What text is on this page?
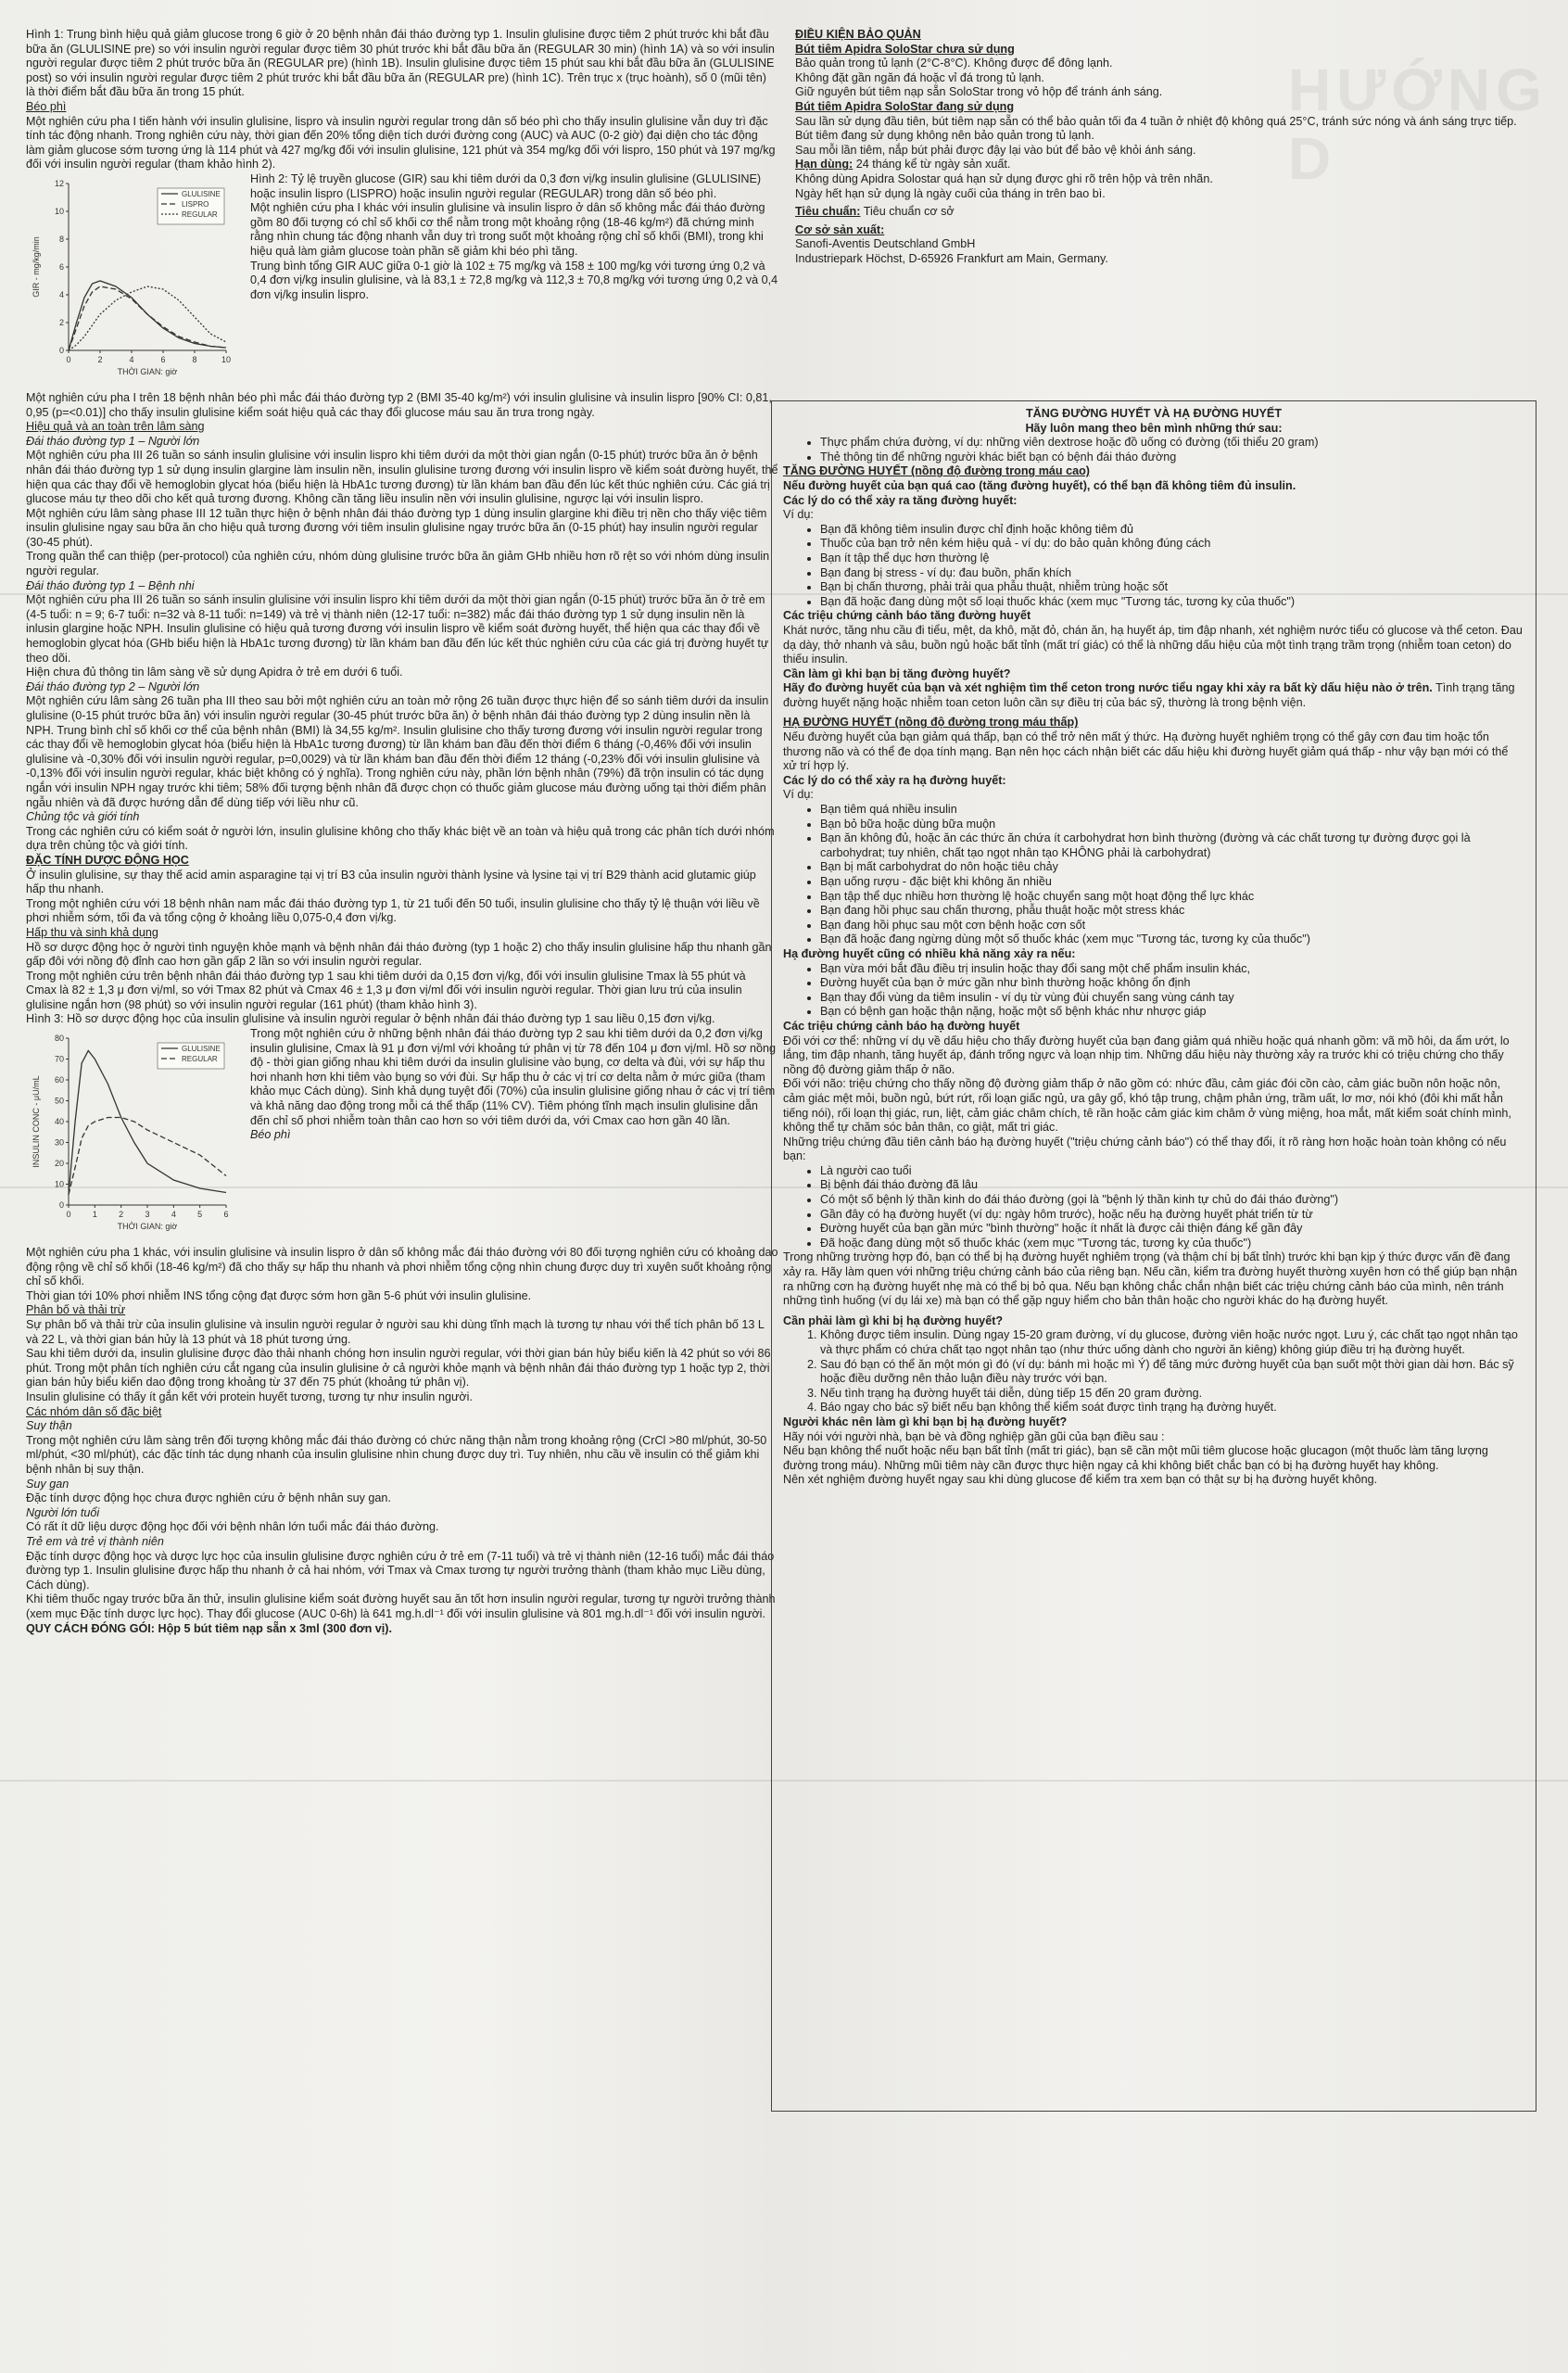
HƯỚNG D

Hình 1: Trung bình hiệu quả giảm glucose trong 6 giờ ở 20 bệnh nhân đái tháo đường typ 1. Insulin glulisine được tiêm 2 phút trước khi bắt đầu bữa ăn (GLULISINE pre) so với insulin người regular được tiêm 30 phút trước khi bắt đầu bữa ăn (REGULAR 30 min) (hình 1A) và so với insulin người regular được tiêm 2 phút trước bữa ăn (REGULAR pre) (hình 1B). Insulin glulisine được tiêm 15 phút sau khi bắt đầu bữa ăn (GLULISINE post) so với insulin người regular được tiêm 2 phút trước khi bắt đầu bữa ăn (REGULAR pre) (hình 1C). Trên trục x (trục hoành), số 0 (mũi tên) là thời điểm bắt đầu bữa ăn trong 15 phút.

Béo phì

Một nghiên cứu pha I tiến hành với insulin glulisine, lispro và insulin người regular trong dân số béo phì cho thấy insulin glulisine vẫn duy trì đặc tính tác động nhanh. Trong nghiên cứu này, thời gian đến 20% tổng diện tích dưới đường cong (AUC) và AUC (0-2 giờ) đại diện cho tác động làm giảm glucose sớm tương ứng là 114 phút và 427 mg/kg đối với insulin glulisine, 121 phút và 354 mg/kg đối với lispro, 150 phút và 197 mg/kg đối với insulin người regular (tham khảo hình 2).

0
2
4
6
8
10
12
0	2	4	6	8	10
THỜI GIAN: giờ
GIR - mg/kg/min
GLULISINE
LISPRO
REGULAR

Hình 2: Tỷ lệ truyền glucose (GIR) sau khi tiêm dưới da 0,3 đơn vị/kg insulin glulisine (GLULISINE) hoặc insulin lispro (LISPRO) hoặc insulin người regular (REGULAR) trong dân số béo phì.

Một nghiên cứu pha I khác với insulin glulisine và insulin lispro ở dân số không mắc đái tháo đường gồm 80 đối tượng có chỉ số khối cơ thể nằm trong một khoảng rộng (18-46 kg/m²) đã chứng minh rằng nhìn chung tác động nhanh vẫn duy trì trong suốt một khoảng rộng chỉ số khối (BMI), trong khi hiệu quả làm giảm glucose toàn phần sẽ giảm khi béo phì tăng.

Trung bình tổng GIR AUC giữa 0-1 giờ là 102 ± 75 mg/kg và 158 ± 100 mg/kg với tương ứng 0,2 và 0,4 đơn vị/kg insulin glulisine, và là 83,1 ± 72,8 mg/kg và 112,3 ± 70,8 mg/kg với tương ứng 0,2 và 0,4 đơn vị/kg insulin lispro.

Một nghiên cứu pha I trên 18 bệnh nhân béo phì mắc đái tháo đường typ 2 (BMI 35-40 kg/m²) với insulin glulisine và insulin lispro [90% CI: 0,81, 0,95 (p=<0.01)] cho thấy insulin glulisine kiểm soát hiệu quả các thay đổi glucose máu sau ăn trưa trong ngày.

Hiệu quả và an toàn trên lâm sàng

Đái tháo đường typ 1 – Người lớn

Một nghiên cứu pha III 26 tuần so sánh insulin glulisine với insulin lispro khi tiêm dưới da một thời gian ngắn (0-15 phút) trước bữa ăn ở bệnh nhân đái tháo đường typ 1 sử dụng insulin glargine làm insulin nền, insulin glulisine tương đương với insulin lispro về kiểm soát đường huyết, thể hiện qua các thay đổi về hemoglobin glycat hóa (biểu hiện là HbA1c tương đương) từ lần khám ban đầu đến lúc kết thúc nghiên cứu. Các giá trị glucose máu tự theo dõi cho kết quả tương đương. Không cần tăng liều insulin nền với insulin glulisine, ngược lại với insulin lispro.

Một nghiên cứu lâm sàng phase III 12 tuần thực hiện ở bệnh nhân đái tháo đường typ 1 dùng insulin glargine khi điều trị nền cho thấy việc tiêm insulin glulisine ngay sau bữa ăn cho hiệu quả tương đương với tiêm insulin glulisine ngay trước bữa ăn (0-15 phút) hay insulin người regular (30-45 phút).

Trong quần thể can thiệp (per-protocol) của nghiên cứu, nhóm dùng glulisine trước bữa ăn giảm GHb nhiều hơn rõ rệt so với nhóm dùng insulin người regular.

Đái tháo đường typ 1 – Bệnh nhi

Một nghiên cứu pha III 26 tuần so sánh insulin glulisine với insulin lispro khi tiêm dưới da một thời gian ngắn (0-15 phút) trước bữa ăn ở trẻ em (4-5 tuổi: n = 9; 6-7 tuổi: n=32 và 8-11 tuổi: n=149) và trẻ vị thành niên (12-17 tuổi: n=382) mắc đái tháo đường typ 1 sử dụng insulin nền là inlusin glargine hoặc NPH. Insulin glulisine có hiệu quả tương đương với insulin lispro về kiểm soát đường huyết, thể hiện qua các thay đổi về hemoglobin glycat hóa (GHb biểu hiện là HbA1c tương đương) từ lần khám ban đầu đến lúc kết thúc nghiên cứu của các giá trị đường huyết tự theo dõi.

Hiện chưa đủ thông tin lâm sàng về sử dụng Apidra ở trẻ em dưới 6 tuổi.

Đái tháo đường typ 2 – Người lớn

Một nghiên cứu lâm sàng 26 tuần pha III theo sau bởi một nghiên cứu an toàn mở rộng 26 tuần được thực hiện để so sánh tiêm dưới da insulin glulisine (0-15 phút trước bữa ăn) với insulin người regular (30-45 phút trước bữa ăn) ở bệnh nhân đái tháo đường typ 2 dùng insulin nền là NPH. Trung bình chỉ số khối cơ thể của bệnh nhân (BMI) là 34,55 kg/m². Insulin glulisine cho thấy tương đương với insulin người regular trong các thay đổi về hemoglobin glycat hóa (biểu hiện là HbA1c tương đương) từ lần khám ban đầu đến thời điểm 6 tháng (-0,46% đối với insulin glulisine và -0,30% đối với insulin người regular, p=0,0029) và từ lần khám ban đầu đến thời điểm 12 tháng (-0,23% đối với insulin glulisine và -0,13% đối với insulin người regular, khác biệt không có ý nghĩa). Trong nghiên cứu này, phần lớn bệnh nhân (79%) đã trộn insulin có tác dụng ngắn với insulin NPH ngay trước khi tiêm; 58% đối tượng bệnh nhân đã được chọn có thuốc giảm glucose máu đường uống tại thời điểm phân ngẫu nhiên và đã được hướng dẫn để dùng tiếp với liều như cũ.

Chủng tộc và giới tính

Trong các nghiên cứu có kiểm soát ở người lớn, insulin glulisine không cho thấy khác biệt về an toàn và hiệu quả trong các phân tích dưới nhóm dựa trên chủng tộc và giới tính.

ĐẶC TÍNH DƯỢC ĐỘNG HỌC

Ở insulin glulisine, sự thay thế acid amin asparagine tại vị trí B3 của insulin người thành lysine và lysine tại vị trí B29 thành acid glutamic giúp hấp thu nhanh.

Trong một nghiên cứu với 18 bệnh nhân nam mắc đái tháo đường typ 1, từ 21 tuổi đến 50 tuổi, insulin glulisine cho thấy tỷ lệ thuận với liều về phơi nhiễm sớm, tối đa và tổng cộng ở khoảng liều 0,075-0,4 đơn vị/kg.

Hấp thu và sinh khả dụng

Hồ sơ dược động học ở người tình nguyện khỏe mạnh và bệnh nhân đái tháo đường (typ 1 hoặc 2) cho thấy insulin glulisine hấp thu nhanh gần gấp đôi với nồng độ đỉnh cao hơn gần gấp 2 lần so với insulin người regular.

Trong một nghiên cứu trên bệnh nhân đái tháo đường typ 1 sau khi tiêm dưới da 0,15 đơn vị/kg, đối với insulin glulisine Tmax là 55 phút và Cmax là 82 ± 1,3 μ đơn vị/ml, so với Tmax 82 phút và Cmax 46 ± 1,3 μ đơn vị/ml đối với insulin người regular. Thời gian lưu trú của insulin glulisine ngắn hơn (98 phút) so với insulin người regular (161 phút) (tham khảo hình 3).

Hình 3: Hồ sơ dược động học của insulin glulisine và insulin người regular ở bệnh nhân đái tháo đường typ 1 sau liều 0,15 đơn vị/kg.

0
10
20
30
40
50
60
70
80
0	1	2	3	4	5	6
THỜI GIAN: giờ
INSULIN CONC - μU/mL
GLULISINE
REGULAR

Trong một nghiên cứu ở những bệnh nhân đái tháo đường typ 2 sau khi tiêm dưới da 0,2 đơn vị/kg insulin glulisine, Cmax là 91 μ đơn vị/ml với khoảng tứ phân vị từ 78 đến 104 μ đơn vị/ml. Hồ sơ nồng độ - thời gian giống nhau khi tiêm dưới da insulin glulisine vào bụng, cơ delta và đùi, với sự hấp thu hơi nhanh hơn khi tiêm vào bụng so với đùi. Sự hấp thu ở các vị trí cơ delta nằm ở mức giữa (tham khảo mục Cách dùng). Sinh khả dụng tuyệt đối (70%) của insulin glulisine giống nhau ở các vị trí tiêm và khả năng dao động trong mỗi cá thể thấp (11% CV). Tiêm phóng tĩnh mạch insulin glulisine dẫn đến chỉ số phơi nhiễm toàn thân cao hơn so với tiêm dưới da, với Cmax cao hơn gần 40 lần.

Béo phì

Một nghiên cứu pha 1 khác, với insulin glulisine và insulin lispro ở dân số không mắc đái tháo đường với 80 đối tượng nghiên cứu có khoảng dao động rộng về chỉ số khối (18-46 kg/m²) đã cho thấy sự hấp thu nhanh và phơi nhiễm tổng cộng nhìn chung được duy trì xuyên suốt khoảng rộng chỉ số khối.

Thời gian tới 10% phơi nhiễm INS tổng cộng đạt được sớm hơn gần 5-6 phút với insulin glulisine.

Phân bố và thải trừ

Sự phân bố và thải trừ của insulin glulisine và insulin người regular ở người sau khi dùng tĩnh mạch là tương tự nhau với thể tích phân bố 13 L và 22 L, và thời gian bán hủy là 13 phút và 18 phút tương ứng.

Sau khi tiêm dưới da, insulin glulisine được đào thải nhanh chóng hơn insulin người regular, với thời gian bán hủy biểu kiến là 42 phút so với 86 phút. Trong một phân tích nghiên cứu cắt ngang của insulin glulisine ở cả người khỏe mạnh và bệnh nhân đái tháo đường typ 1 hoặc typ 2, thời gian bán hủy biểu kiến dao động trong khoảng từ 37 đến 75 phút (khoảng tứ phân vị).

Insulin glulisine có thấy ít gắn kết với protein huyết tương, tương tự như insulin người.

Các nhóm dân số đặc biệt

Suy thận

Trong một nghiên cứu lâm sàng trên đối tượng không mắc đái tháo đường có chức năng thận nằm trong khoảng rộng (CrCl >80 ml/phút, 30-50 ml/phút, <30 ml/phút), các đặc tính tác dụng nhanh của insulin glulisine nhìn chung được duy trì. Tuy nhiên, nhu cầu về insulin có thể giảm khi bệnh nhân bị suy thận.

Suy gan

Đặc tính dược động học chưa được nghiên cứu ở bệnh nhân suy gan.

Người lớn tuổi

Có rất ít dữ liệu dược động học đối với bệnh nhân lớn tuổi mắc đái tháo đường.

Trẻ em và trẻ vị thành niên

Đặc tính dược động học và dược lực học của insulin glulisine được nghiên cứu ở trẻ em (7-11 tuổi) và trẻ vị thành niên (12-16 tuổi) mắc đái tháo đường typ 1. Insulin glulisine được hấp thu nhanh ở cả hai nhóm, với Tmax và Cmax tương tự người trưởng thành (tham khảo mục Liều dùng, Cách dùng).

Khi tiêm thuốc ngay trước bữa ăn thử, insulin glulisine kiểm soát đường huyết sau ăn tốt hơn insulin người regular, tương tự người trưởng thành (xem mục Đặc tính dược lực học). Thay đổi glucose (AUC 0-6h) là 641 mg.h.dl⁻¹ đối với insulin glulisine và 801 mg.h.dl⁻¹ đối với insulin người.

QUY CÁCH ĐÓNG GÓI: Hộp 5 bút tiêm nạp sẵn x 3ml (300 đơn vị).

ĐIỀU KIỆN BẢO QUẢN

Bút tiêm Apidra SoloStar chưa sử dụng

Bảo quản trong tủ lạnh (2°C-8°C). Không được để đông lạnh.

Không đặt gần ngăn đá hoặc vỉ đá trong tủ lạnh.

Giữ nguyên bút tiêm nạp sẵn SoloStar trong vỏ hộp để tránh ánh sáng.

Bút tiêm Apidra SoloStar đang sử dụng

Sau lần sử dụng đầu tiên, bút tiêm nạp sẵn có thể bảo quản tối đa 4 tuần ở nhiệt độ không quá 25°C, tránh sức nóng và ánh sáng trực tiếp.

Bút tiêm đang sử dụng không nên bảo quản trong tủ lạnh.

Sau mỗi lần tiêm, nắp bút phải được đậy lại vào bút để bảo vệ khỏi ánh sáng.

Hạn dùng: 24 tháng kể từ ngày sản xuất.

Không dùng Apidra Solostar quá hạn sử dụng được ghi rõ trên hộp và trên nhãn.

Ngày hết hạn sử dụng là ngày cuối của tháng in trên bao bì.

Tiêu chuẩn: Tiêu chuẩn cơ sở

Cơ sở sản xuất:

Sanofi-Aventis Deutschland GmbH

Industriepark Höchst, D-65926 Frankfurt am Main, Germany.

TĂNG ĐƯỜNG HUYẾT VÀ HẠ ĐƯỜNG HUYẾT

Hãy luôn mang theo bên mình những thứ sau:

• Thực phẩm chứa đường, ví dụ: những viên dextrose hoặc đồ uống có đường (tối thiểu 20 gram)
• Thẻ thông tin để những người khác biết bạn có bệnh đái tháo đường

TĂNG ĐƯỜNG HUYẾT (nồng độ đường trong máu cao)

Nếu đường huyết của bạn quá cao (tăng đường huyết), có thể bạn đã không tiêm đủ insulin.

Các lý do có thể xảy ra tăng đường huyết:

Ví dụ:

• Bạn đã không tiêm insulin được chỉ định hoặc không tiêm đủ
• Thuốc của bạn trở nên kém hiệu quả - ví dụ: do bảo quản không đúng cách
• Bạn ít tập thể dục hơn thường lệ
• Bạn đang bị stress - ví dụ: đau buồn, phấn khích
• Bạn bị chấn thương, phải trải qua phẫu thuật, nhiễm trùng hoặc sốt
• Bạn đã hoặc đang dùng một số loại thuốc khác (xem mục "Tương tác, tương kỵ của thuốc")

Các triệu chứng cảnh báo tăng đường huyết

Khát nước, tăng nhu cầu đi tiểu, mệt, da khô, mặt đỏ, chán ăn, hạ huyết áp, tim đập nhanh, xét nghiệm nước tiểu có glucose và thể ceton. Đau dạ dày, thở nhanh và sâu, buồn ngủ hoặc bất tỉnh (mất trí giác) có thể là những dấu hiệu của một tình trạng trầm trọng (nhiễm toan ceton) do thiếu insulin.

Cần làm gì khi bạn bị tăng đường huyết?

Hãy đo đường huyết của bạn và xét nghiệm tìm thể ceton trong nước tiểu ngay khi xảy ra bất kỳ dấu hiệu nào ở trên. Tình trạng tăng đường huyết nặng hoặc nhiễm toan ceton luôn cần sự điều trị của bác sỹ, thường là trong bệnh viện.

HẠ ĐƯỜNG HUYẾT (nồng độ đường trong máu thấp)

Nếu đường huyết của bạn giảm quá thấp, bạn có thể trở nên mất ý thức. Hạ đường huyết nghiêm trọng có thể gây cơn đau tim hoặc tổn thương não và có thể đe dọa tính mạng. Bạn nên học cách nhận biết các dấu hiệu khi đường huyết giảm quá thấp - như vậy bạn mới có thể xử trí hợp lý.

Các lý do có thể xảy ra hạ đường huyết:

Ví dụ:

• Bạn tiêm quá nhiều insulin
• Bạn bỏ bữa hoặc dùng bữa muộn
• Bạn ăn không đủ, hoặc ăn các thức ăn chứa ít carbohydrat hơn bình thường (đường và các chất tương tự đường được gọi là carbohydrat; tuy nhiên, chất tạo ngọt nhân tạo KHÔNG phải là carbohydrat)
• Bạn bị mất carbohydrat do nôn hoặc tiêu chảy
• Bạn uống rượu - đặc biệt khi không ăn nhiều
• Bạn tập thể dục nhiều hơn thường lệ hoặc chuyển sang một hoạt động thể lực khác
• Bạn đang hồi phục sau chấn thương, phẫu thuật hoặc một stress khác
• Bạn đang hồi phục sau một cơn bệnh hoặc cơn sốt
• Bạn đã hoặc đang ngừng dùng một số thuốc khác (xem mục "Tương tác, tương kỵ của thuốc")

Hạ đường huyết cũng có nhiều khả năng xảy ra nếu:

• Bạn vừa mới bắt đầu điều trị insulin hoặc thay đổi sang một chế phẩm insulin khác,
• Đường huyết của bạn ở mức gần như bình thường hoặc không ổn định
• Bạn thay đổi vùng da tiêm insulin - ví dụ từ vùng đùi chuyển sang vùng cánh tay
• Bạn có bệnh gan hoặc thận nặng, hoặc một số bệnh khác như nhược giáp

Các triệu chứng cảnh báo hạ đường huyết

Đối với cơ thể: những ví dụ về dấu hiệu cho thấy đường huyết của bạn đang giảm quá nhiều hoặc quá nhanh gồm: vã mồ hôi, da ẩm ướt, lo lắng, tim đập nhanh, tăng huyết áp, đánh trống ngực và loạn nhịp tim. Những dấu hiệu này thường xảy ra trước khi có triệu chứng cho thấy nồng độ đường giảm thấp ở não.

Đối với não: triệu chứng cho thấy nồng độ đường giảm thấp ở não gồm có: nhức đầu, cảm giác đói cồn cào, cảm giác buồn nôn hoặc nôn, cảm giác mệt mỏi, buồn ngủ, bứt rứt, rối loạn giấc ngủ, ưa gây gổ, khó tập trung, chậm phản ứng, trầm uất, lơ mơ, nói khó (đôi khi mất hẳn tiếng nói), rối loạn thị giác, run, liệt, cảm giác châm chích, tê rần hoặc cảm giác kim châm ở vùng miệng, hoa mắt, mất kiểm soát chính mình, không thể tự chăm sóc bản thân, co giật, mất tri giác.

Những triệu chứng đầu tiên cảnh báo hạ đường huyết ("triệu chứng cảnh báo") có thể thay đổi, ít rõ ràng hơn hoặc hoàn toàn không có nếu bạn:

• Là người cao tuổi
• Bị bệnh đái tháo đường đã lâu
• Có một số bệnh lý thần kinh do đái tháo đường (gọi là "bệnh lý thần kinh tự chủ do đái tháo đường")
• Gần đây có hạ đường huyết (ví dụ: ngày hôm trước), hoặc nếu hạ đường huyết phát triển từ từ
• Đường huyết của bạn gần mức "bình thường" hoặc ít nhất là được cải thiện đáng kể gần đây
• Đã hoặc đang dùng một số thuốc khác (xem mục "Tương tác, tương kỵ của thuốc")

Trong những trường hợp đó, bạn có thể bị hạ đường huyết nghiêm trọng (và thậm chí bị bất tỉnh) trước khi bạn kịp ý thức được vấn đề đang xảy ra. Hãy làm quen với những triệu chứng cảnh báo của riêng bạn. Nếu cần, kiểm tra đường huyết thường xuyên hơn có thể giúp bạn nhận ra những cơn hạ đường huyết nhẹ mà có thể bị bỏ qua. Nếu bạn không chắc chắn nhận biết các triệu chứng cảnh báo của mình, nên tránh những tình huống (ví dụ lái xe) mà bạn có thể gặp nguy hiểm cho bản thân hoặc cho người khác do hạ đường huyết.

Cần phải làm gì khi bị hạ đường huyết?

1. Không được tiêm insulin. Dùng ngay 15-20 gram đường, ví dụ glucose, đường viên hoặc nước ngọt. Lưu ý, các chất tạo ngọt nhân tạo và thực phẩm có chứa chất tạo ngọt nhân tạo (như thức uống dành cho người ăn kiêng) không giúp điều trị hạ đường huyết.
2. Sau đó bạn có thể ăn một món gì đó (ví dụ: bánh mì hoặc mì Ý) để tăng mức đường huyết của bạn suốt một thời gian dài hơn. Bác sỹ hoặc điều dưỡng nên thảo luận điều này trước với bạn.
3. Nếu tình trạng hạ đường huyết tái diễn, dùng tiếp 15 đến 20 gram đường.
4. Báo ngay cho bác sỹ biết nếu bạn không thể kiểm soát được tình trạng hạ đường huyết.

Người khác nên làm gì khi bạn bị hạ đường huyết?

Hãy nói với người nhà, bạn bè và đồng nghiệp gần gũi của bạn điều sau :

Nếu bạn không thể nuốt hoặc nếu bạn bất tỉnh (mất tri giác), bạn sẽ cần một mũi tiêm glucose hoặc glucagon (một thuốc làm tăng lượng đường trong máu). Những mũi tiêm này cần được thực hiện ngay cả khi không biết chắc bạn có bị hạ đường huyết hay không.

Nên xét nghiệm đường huyết ngay sau khi dùng glucose để kiểm tra xem bạn có thật sự bị hạ đường huyết không.
